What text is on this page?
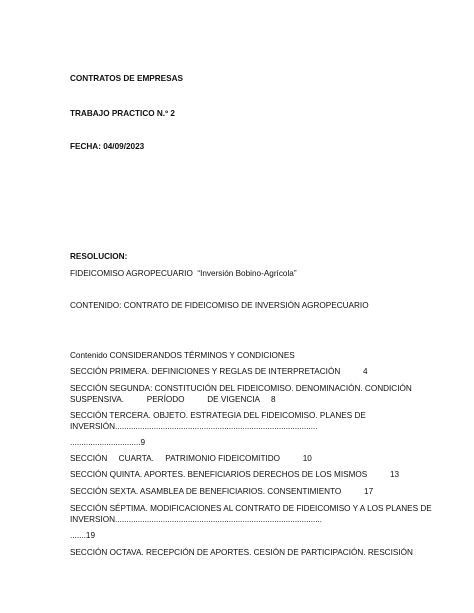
CONTRATOS DE EMPRESAS
TRABAJO PRACTICO N.º 2
FECHA: 04/09/2023
RESOLUCION:
FIDEICOMISO AGROPECUARIO  “Inversión Bobino-Agrícola”
CONTENIDO: CONTRATO DE FIDEICOMISO DE INVERSIÓN AGROPECUARIO
Contenido CONSIDERANDOS TÉRMINOS Y CONDICIONES
SECCIÓN PRIMERA. DEFINICIONES Y REGLAS DE INTERPRETACIÓN          4
SECCIÓN SEGUNDA: CONSTITUCIÓN DEL FIDEICOMISO. DENOMINACIÓN. CONDICIÓN
SUSPENSIVA.          PERÍODO          DE VIGENCIA     8
SECCIÓN TERCERA. OBJETO. ESTRATEGIA DEL FIDEICOMISO. PLANES DE
INVERSIÓN.........................................................................................
...............................9
SECCIÓN     CUARTA.     PATRIMONIO FIDEICOMITIDO          10
SECCIÓN QUINTA. APORTES. BENEFICIARIOS DERECHOS DE LOS MISMOS          13
SECCIÓN SEXTA. ASAMBLEA DE BENEFICIARIOS. CONSENTIMIENTO          17
SECCIÓN SÉPTIMA. MODIFICACIONES AL CONTRATO DE FIDEICOMISO Y A LOS PLANES DE
INVERSION...........................................................................................
.......19
SECCIÓN OCTAVA. RECEPCIÓN DE APORTES. CESIÓN DE PARTICIPACIÓN. RESCISIÓN
